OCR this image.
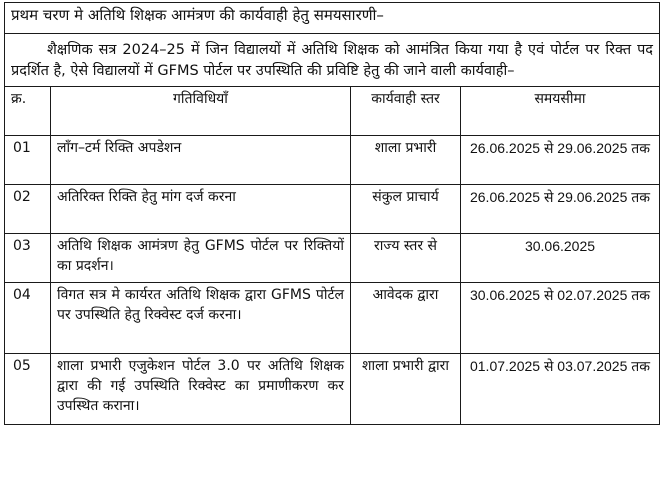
प्रथम चरण मे अतिथि शिक्षक आमंत्रण की कार्यवाही हेतु समयसारणी–			
शैक्षणिक सत्र 2024–25 में जिन विद्यालयों में अतिथि शिक्षक को आमंत्रित किया गया है एवं पोर्टल पर रिक्त पद प्रदर्शित है, ऐसे विद्यालयों में GFMS पोर्टल पर उपस्थिति की प्रविष्टि हेतु की जाने वाली कार्यवाही–			
क्र.	गतिविधियाँ	कार्यवाही स्तर	समयसीमा
01	लॉंग–टर्म रिक्ति अपडेशन	शाला प्रभारी	26.06.2025 से 29.06.2025 तक
02	अतिरिक्त रिक्ति हेतु मांग दर्ज करना	संकुल प्राचार्य	26.06.2025 से 29.06.2025 तक
03	अतिथि शिक्षक आमंत्रण हेतु GFMS पोर्टल पर रिक्तियों का प्रदर्शन।	राज्य स्तर से	30.06.2025
04	विगत सत्र मे कार्यरत अतिथि शिक्षक द्वारा GFMS पोर्टल पर उपस्थिति हेतु रिक्वेस्ट दर्ज करना।	आवेदक द्वारा	30.06.2025 से 02.07.2025 तक
05	शाला प्रभारी एजुकेशन पोर्टल 3.0 पर अतिथि शिक्षक द्वारा की गई उपस्थिति रिक्वेस्ट का प्रमाणीकरण कर उपस्थित कराना।	शाला प्रभारी द्वारा	01.07.2025 से 03.07.2025 तक
